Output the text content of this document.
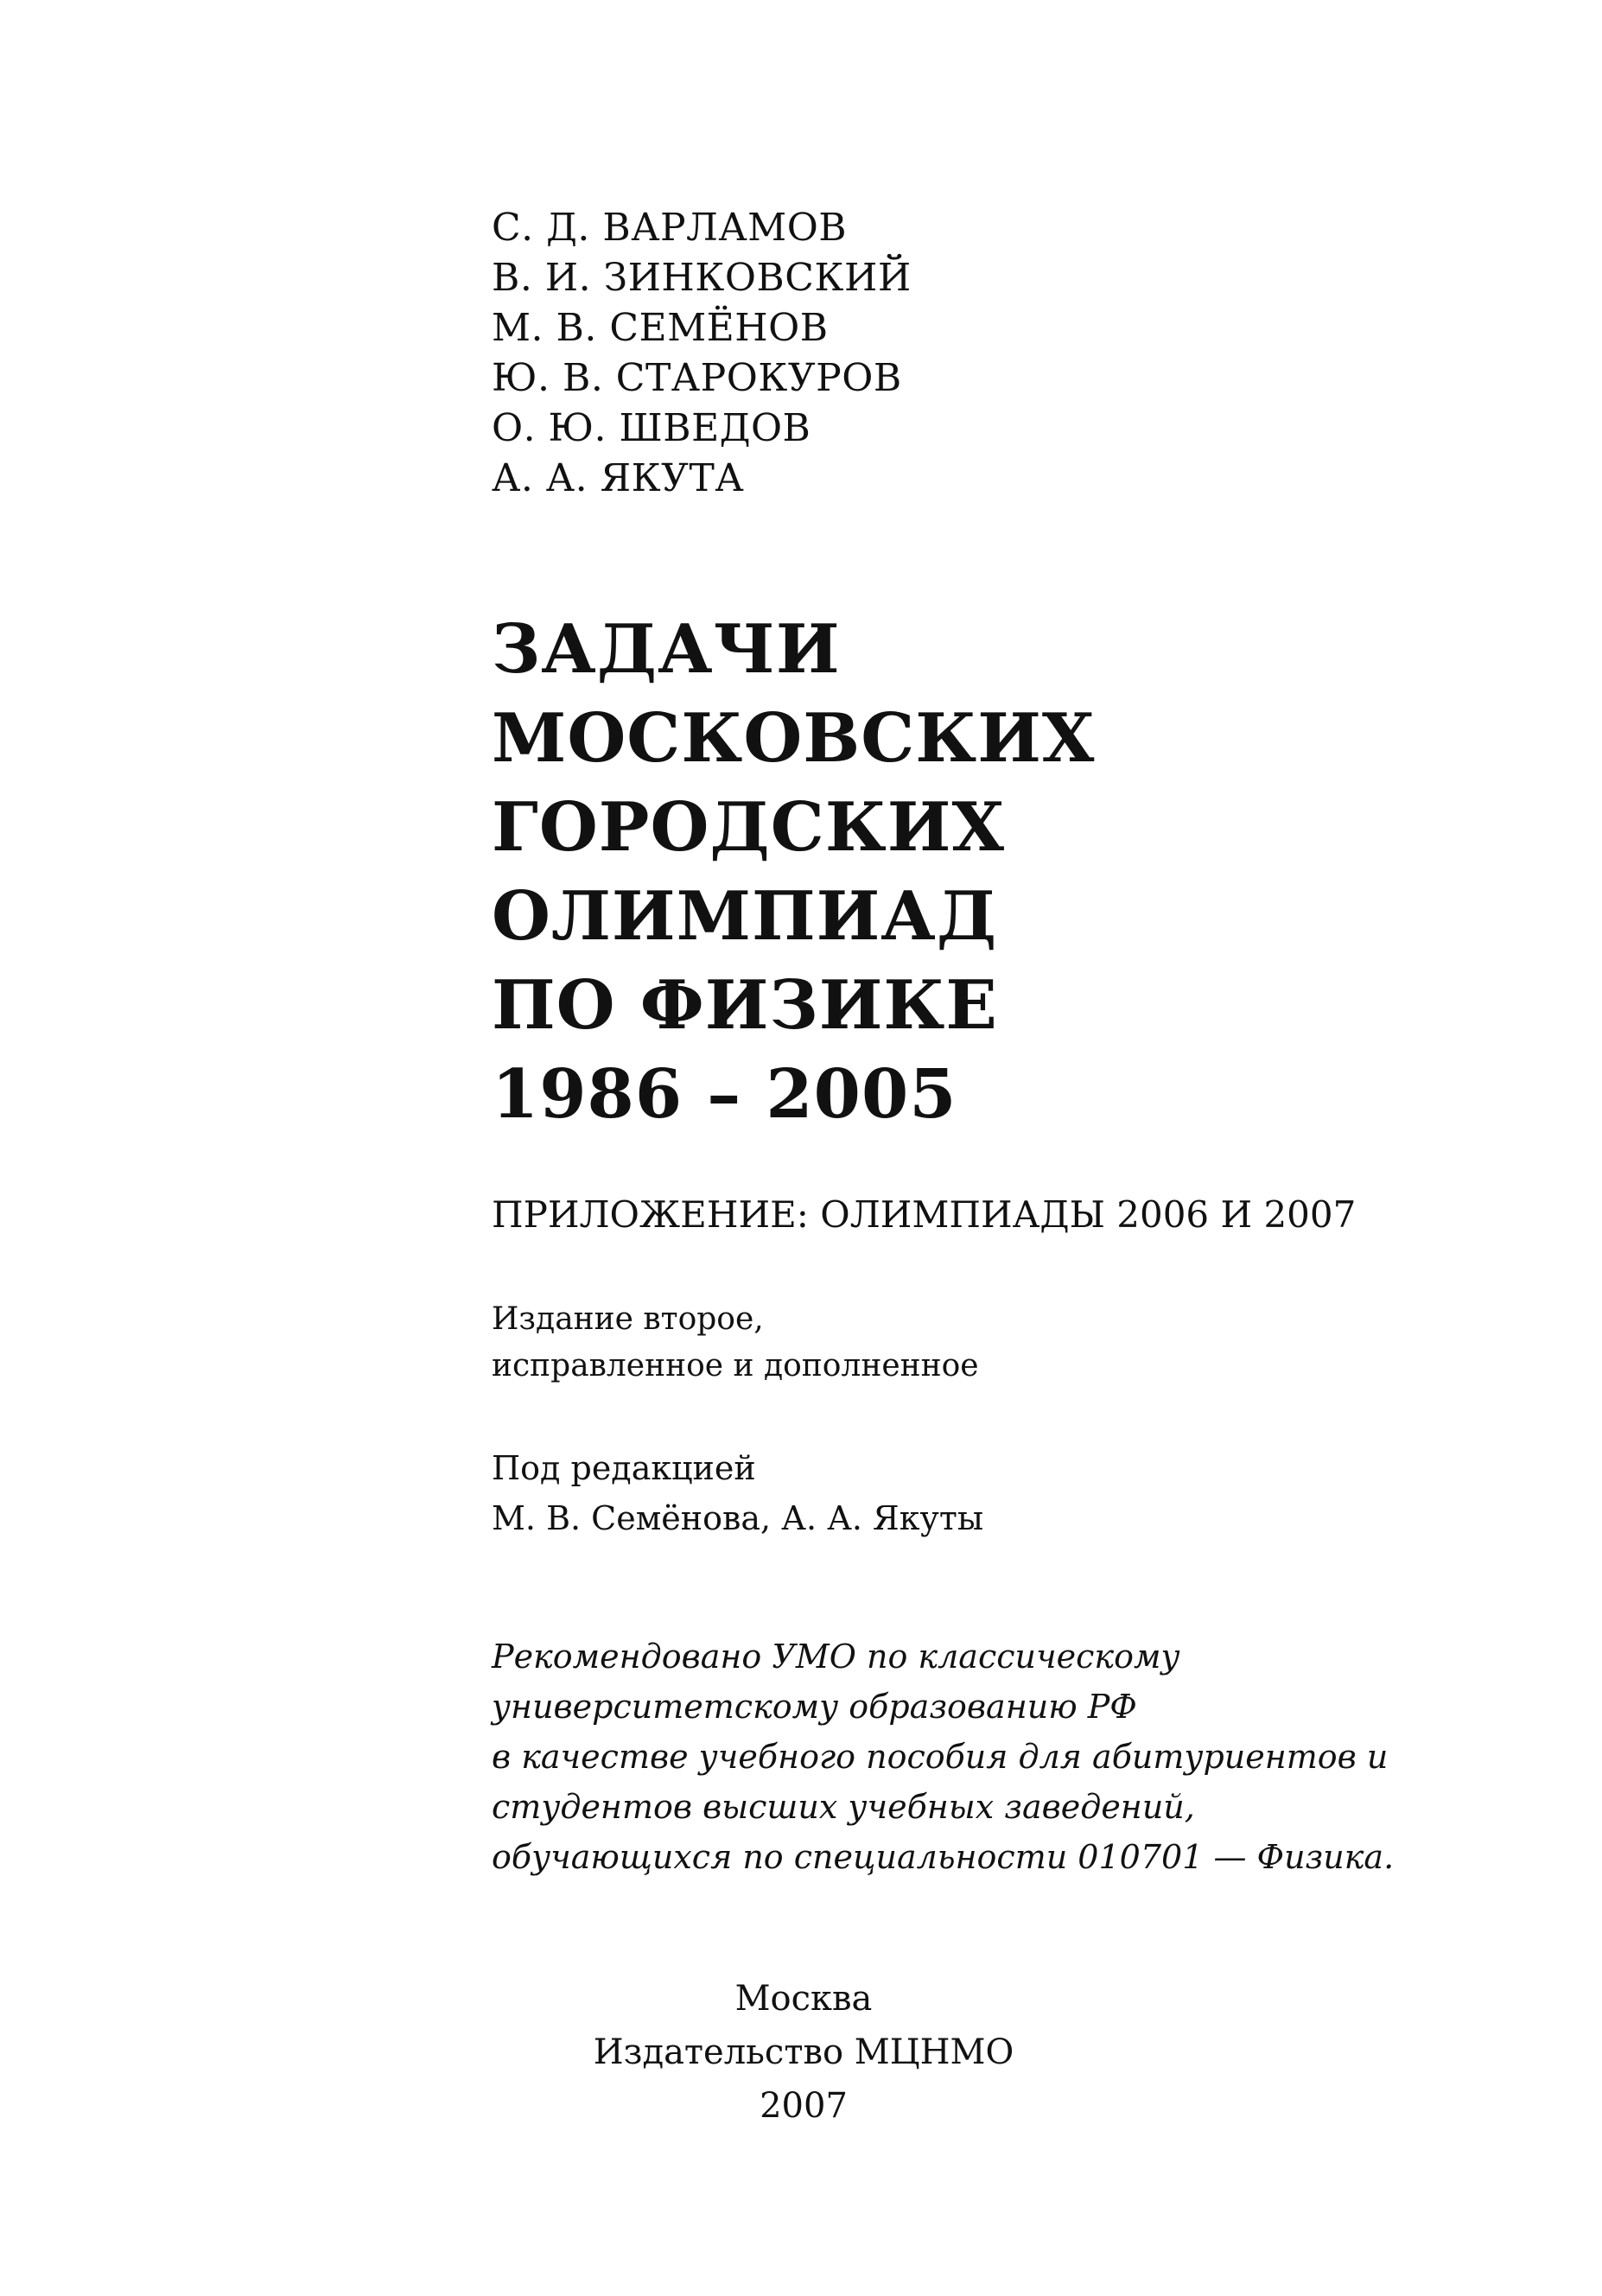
С. Д. ВАРЛАМОВ
В. И. ЗИНКОВСКИЙ
М. В. СЕМЁНОВ
Ю. В. СТАРОКУРОВ
О. Ю. ШВЕДОВ
А. А. ЯКУТА
ЗАДАЧИ
МОСКОВСКИХ
ГОРОДСКИХ
ОЛИМПИАД
ПО ФИЗИКЕ
1986 – 2005
ПРИЛОЖЕНИЕ: ОЛИМПИАДЫ 2006 И 2007
Издание второе,
исправленное и дополненное
Под редакцией
М. В. Семёнова, А. А. Якуты
Рекомендовано УМО по классическому
университетскому образованию РФ
в качестве учебного пособия для абитуриентов и
студентов высших учебных заведений,
обучающихся по специальности 010701 — Физика.
Москва
Издательство МЦНМО
2007
